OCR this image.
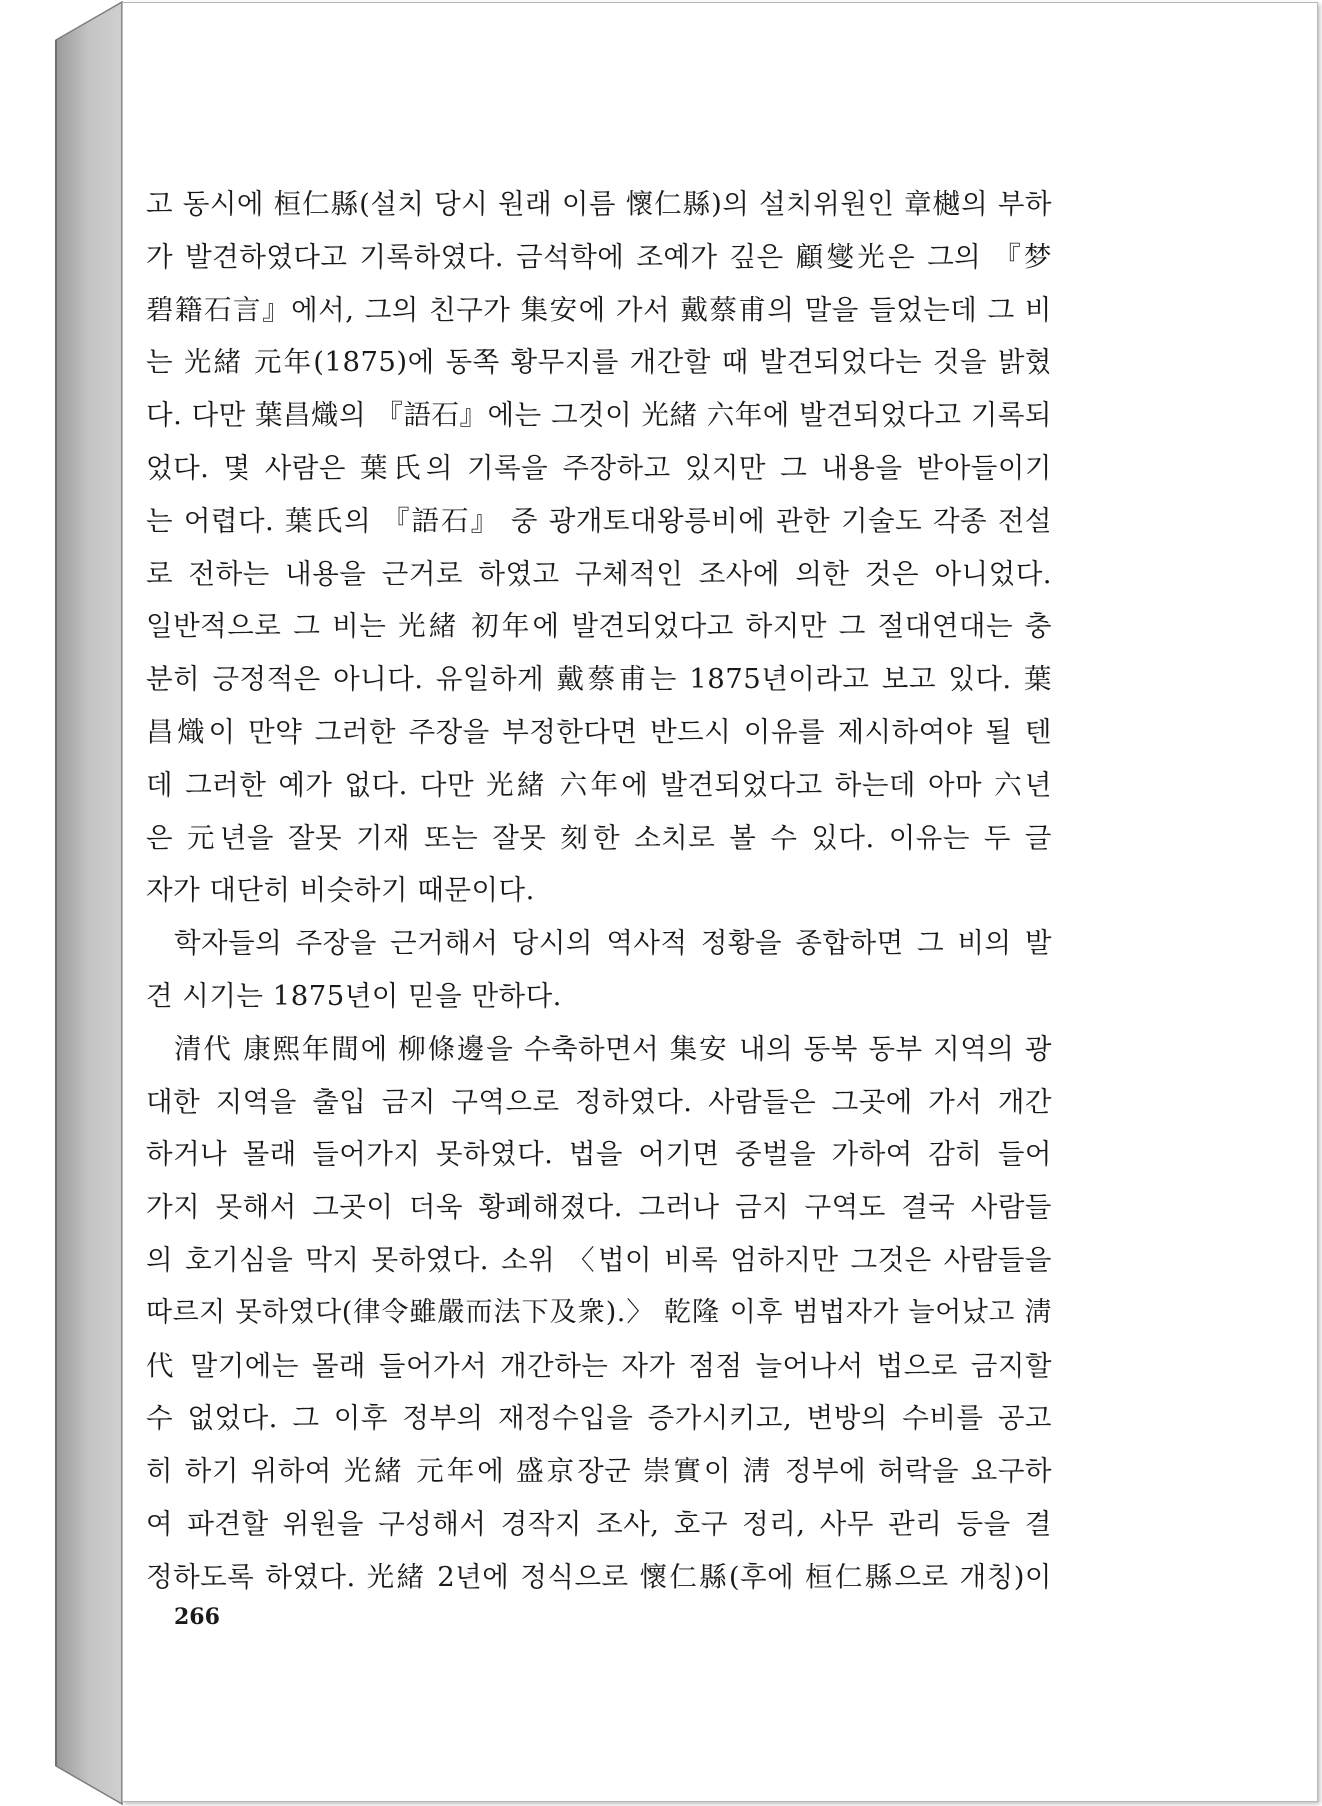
고 동시에 桓仁縣(설치 당시 원래 이름 懷仁縣)의 설치위원인 章樾의 부하
가 발견하였다고 기록하였다. 금석학에 조예가 깊은 顧燮光은 그의 『梦
碧籍石言』에서, 그의 친구가 集安에 가서 戴蔡甫의 말을 들었는데 그 비
는 光緒 元年(1875)에 동쪽 황무지를 개간할 때 발견되었다는 것을 밝혔
다. 다만 葉昌熾의 『語石』에는 그것이 光緒 六年에 발견되었다고 기록되
었다. 몇 사람은 葉氏의 기록을 주장하고 있지만 그 내용을 받아들이기
는 어렵다. 葉氏의 『語石』 중 광개토대왕릉비에 관한 기술도 각종 전설
로 전하는 내용을 근거로 하였고 구체적인 조사에 의한 것은 아니었다.
일반적으로 그 비는 光緒 初年에 발견되었다고 하지만 그 절대연대는 충
분히 긍정적은 아니다. 유일하게 戴蔡甫는 1875년이라고 보고 있다. 葉
昌熾이 만약 그러한 주장을 부정한다면 반드시 이유를 제시하여야 될 텐
데 그러한 예가 없다. 다만 光緒 六年에 발견되었다고 하는데 아마 六년
은 元년을 잘못 기재 또는 잘못 刻한 소치로 볼 수 있다. 이유는 두 글
자가 대단히 비슷하기 때문이다.
학자들의 주장을 근거해서 당시의 역사적 정황을 종합하면 그 비의 발
견 시기는 1875년이 믿을 만하다.
清代 康熙年間에 柳條邊을 수축하면서 集安 내의 동북 동부 지역의 광
대한 지역을 출입 금지 구역으로 정하였다. 사람들은 그곳에 가서 개간
하거나 몰래 들어가지 못하였다. 법을 어기면 중벌을 가하여 감히 들어
가지 못해서 그곳이 더욱 황폐해졌다. 그러나 금지 구역도 결국 사람들
의 호기심을 막지 못하였다. 소위 〈법이 비록 엄하지만 그것은 사람들을
따르지 못하였다(律令雖嚴而法下及衆).〉 乾隆 이후 범법자가 늘어났고 淸
代 말기에는 몰래 들어가서 개간하는 자가 점점 늘어나서 법으로 금지할
수 없었다. 그 이후 정부의 재정수입을 증가시키고, 변방의 수비를 공고
히 하기 위하여 光緒 元年에 盛京장군 崇實이 淸 정부에 허락을 요구하
여 파견할 위원을 구성해서 경작지 조사, 호구 정리, 사무 관리 등을 결
정하도록 하였다. 光緒 2년에 정식으로 懷仁縣(후에 桓仁縣으로 개칭)이
266
